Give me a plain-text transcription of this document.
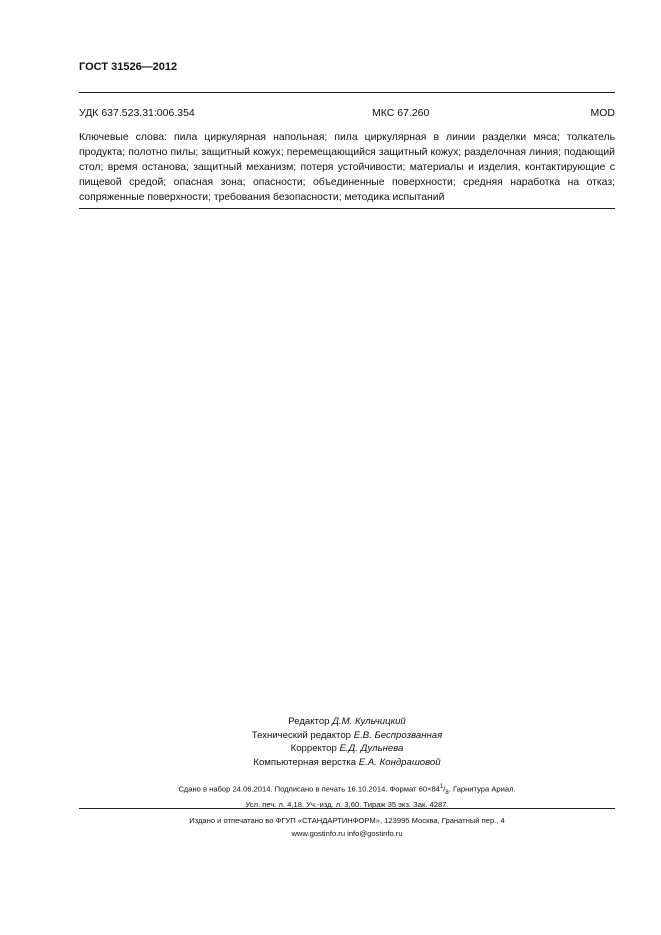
ГОСТ 31526—2012
УДК 637.523.31:006.354	МКС 67.260	MOD
Ключевые слова: пила циркулярная напольная; пила циркулярная в линии разделки мяса; толкатель продукта; полотно пилы; защитный кожух; перемещающийся защитный кожух; разделочная линия; подающий стол; время останова; защитный механизм; потеря устойчивости; материалы и изделия, контактирующие с пищевой средой; опасная зона; опасности; объединенные поверхности; средняя наработка на отказ; сопряженные поверхности; требования безопасности; методика испытаний
Редактор Д.М. Кульчицкий
Технический редактор Е.В. Беспрозванная
Корректор Е.Д. Дульнева
Компьютерная верстка Е.А. Кондрашовой
Сдано в набор 24.06.2014. Подписано в печать 16.10.2014. Формат $60\times 84^1/_8$. Гарнитура Ариал.
Усл. печ. л. 4,18. Уч.-изд. л. 3,60. Тираж 35 экз. Зак. 4287.
Издано и отпечатано во ФГУП «СТАНДАРТИНФОРМ», 123995 Москва, Гранатный пер., 4
www.gostinfo.ru info@gostinfo.ru
